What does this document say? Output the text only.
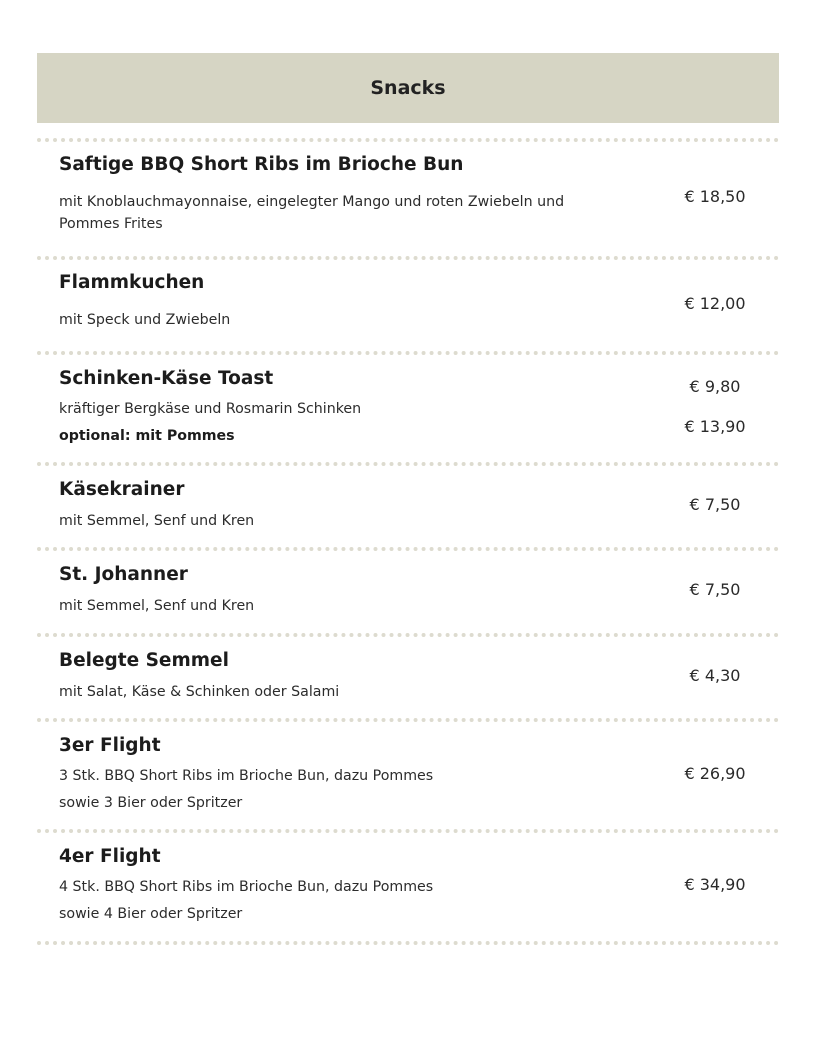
Snacks
Saftige BBQ Short Ribs im Brioche Bun
mit Knoblauchmayonnaise, eingelegter Mango und roten Zwiebeln und Pommes Frites
€ 18,50
Flammkuchen
mit Speck und Zwiebeln
€ 12,00
Schinken-Käse Toast
kräftiger Bergkäse und Rosmarin Schinken
optional: mit Pommes
€ 9,80
€ 13,90
Käsekrainer
mit Semmel, Senf und Kren
€ 7,50
St. Johanner
mit Semmel, Senf und Kren
€ 7,50
Belegte Semmel
mit Salat, Käse & Schinken oder Salami
€ 4,30
3er Flight
3 Stk. BBQ Short Ribs im Brioche Bun, dazu Pommes
sowie 3 Bier oder Spritzer
€ 26,90
4er Flight
4 Stk. BBQ Short Ribs im Brioche Bun, dazu Pommes
sowie 4 Bier oder Spritzer
€ 34,90
